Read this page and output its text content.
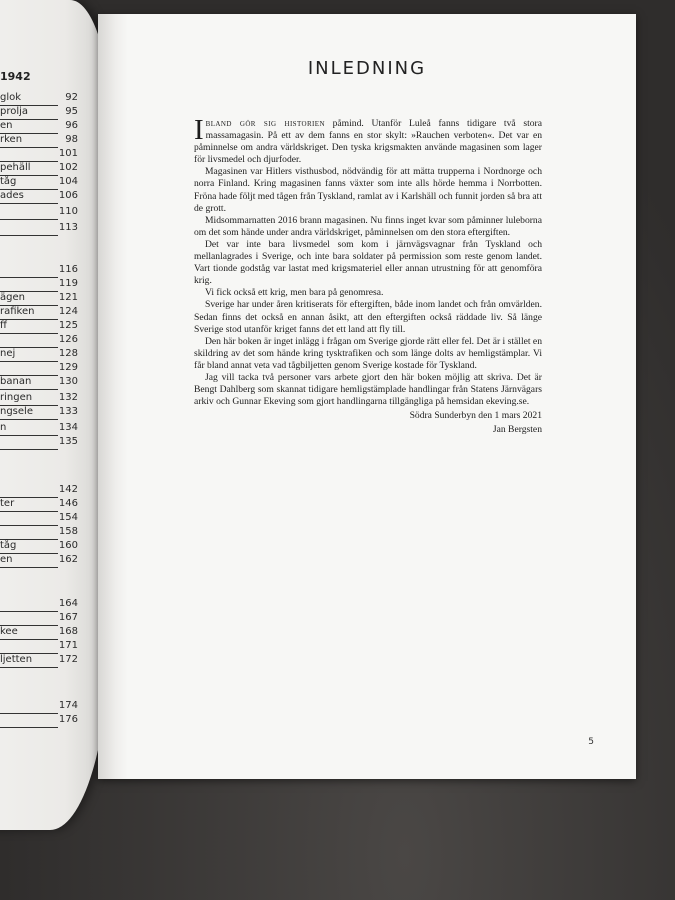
1942
glok	92
prolja	95
en	96
rken	98
101
pehäll	102
tåg	104
ades	106
110
113
116
119
ägen	121
rafiken 124
ff	125
126
nej	128
129
banan	130
ringen	132
ngsele	133
n	134
135
142
ter	146
154
158
tåg	160
en	162
164
167
kee	168
171
ljetten	172
174
176
INLEDNING

Ibland gör sig historien påmind. Utanför Luleå fanns tidigare två stora massamagasin. På ett av dem fanns en stor skylt: »Rauchen verboten«. Det var en påminnelse om andra världskriget. Den tyska krigsmakten använde magasinen som lager för livsmedel och djurfoder.

Magasinen var Hitlers visthusbod, nödvändig för att mätta trupperna i Nordnorge och norra Finland. Kring magasinen fanns växter som inte alls hörde hemma i Norrbotten. Fröna hade följt med tågen från Tyskland, ramlat av i Karlshäll och funnit jorden så bra att de grott.

Midsommarnatten 2016 brann magasinen. Nu finns inget kvar som påminner luleborna om det som hände under andra världskriget, påminnelsen om den stora eftergiften.

Det var inte bara livsmedel som kom i järnvägsvagnar från Tyskland och mellanlagrades i Sverige, och inte bara soldater på permission som reste genom landet. Vart tionde godståg var lastat med krigsmateriel eller annan utrustning för att genomföra krig.

Vi fick också ett krig, men bara på genomresa.

Sverige har under åren kritiserats för eftergiften, både inom landet och från omvärlden. Sedan finns det också en annan åsikt, att den eftergiften också räddade liv. Så länge Sverige stod utanför kriget fanns det ett land att fly till.

Den här boken är inget inlägg i frågan om Sverige gjorde rätt eller fel. Det är i stället en skildring av det som hände kring tysktrafiken och som länge dolts av hemligstämplar. Vi får bland annat veta vad tågbiljetten genom Sverige kostade för Tyskland.

Jag vill tacka två personer vars arbete gjort den här boken möjlig att skriva. Det är Bengt Dahlberg som skannat tidigare hemligstämplade handlingar från Statens Järnvägars arkiv och Gunnar Ekeving som gjort handlingarna tillgängliga på hemsidan ekeving.se.

Södra Sunderbyn den 1 mars 2021
Jan Bergsten
5
